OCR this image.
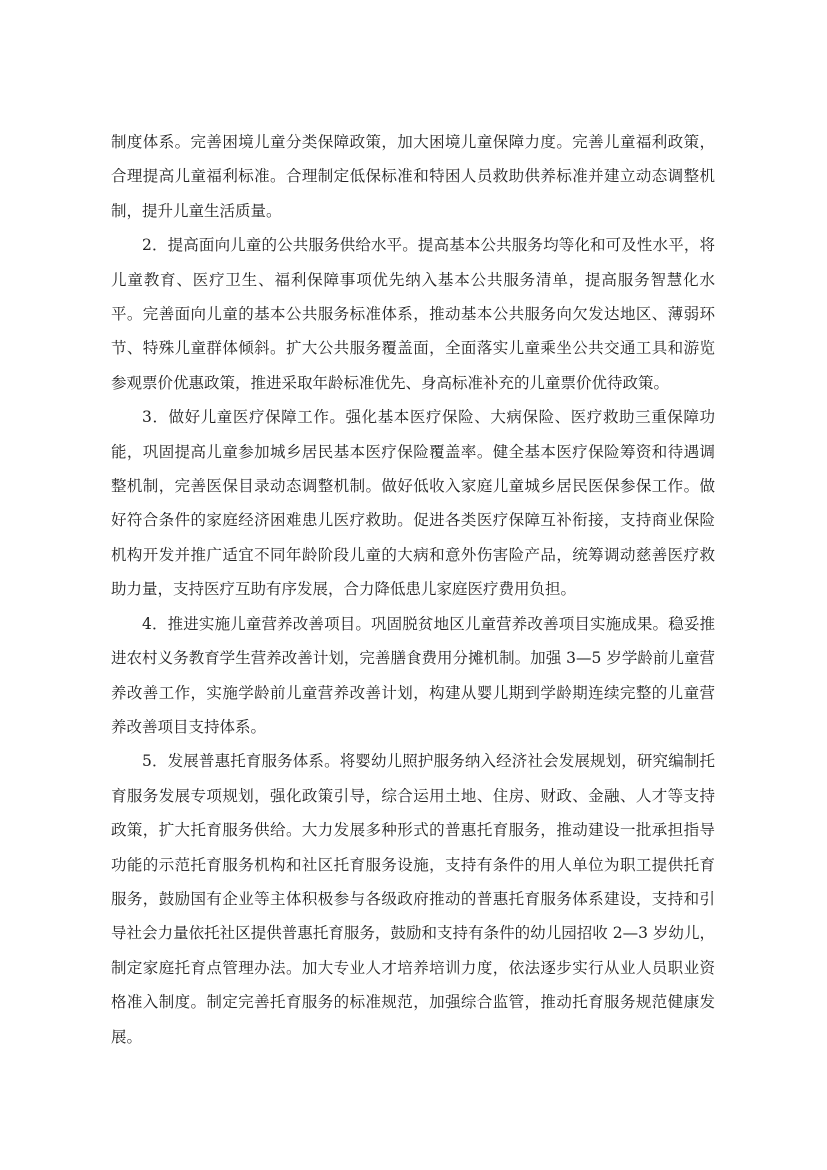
制度体系。完善困境儿童分类保障政策，加大困境儿童保障力度。完善儿童福利政策，合理提高儿童福利标准。合理制定低保标准和特困人员救助供养标准并建立动态调整机制，提升儿童生活质量。

2．提高面向儿童的公共服务供给水平。提高基本公共服务均等化和可及性水平，将儿童教育、医疗卫生、福利保障事项优先纳入基本公共服务清单，提高服务智慧化水平。完善面向儿童的基本公共服务标准体系，推动基本公共服务向欠发达地区、薄弱环节、特殊儿童群体倾斜。扩大公共服务覆盖面，全面落实儿童乘坐公共交通工具和游览参观票价优惠政策，推进采取年龄标准优先、身高标准补充的儿童票价优待政策。

3．做好儿童医疗保障工作。强化基本医疗保险、大病保险、医疗救助三重保障功能，巩固提高儿童参加城乡居民基本医疗保险覆盖率。健全基本医疗保险筹资和待遇调整机制，完善医保目录动态调整机制。做好低收入家庭儿童城乡居民医保参保工作。做好符合条件的家庭经济困难患儿医疗救助。促进各类医疗保障互补衔接，支持商业保险机构开发并推广适宜不同年龄阶段儿童的大病和意外伤害险产品，统筹调动慈善医疗救助力量，支持医疗互助有序发展，合力降低患儿家庭医疗费用负担。

4．推进实施儿童营养改善项目。巩固脱贫地区儿童营养改善项目实施成果。稳妥推进农村义务教育学生营养改善计划，完善膳食费用分摊机制。加强 3—5 岁学龄前儿童营养改善工作，实施学龄前儿童营养改善计划，构建从婴儿期到学龄期连续完整的儿童营养改善项目支持体系。

5．发展普惠托育服务体系。将婴幼儿照护服务纳入经济社会发展规划，研究编制托育服务发展专项规划，强化政策引导，综合运用土地、住房、财政、金融、人才等支持政策，扩大托育服务供给。大力发展多种形式的普惠托育服务，推动建设一批承担指导功能的示范托育服务机构和社区托育服务设施，支持有条件的用人单位为职工提供托育服务，鼓励国有企业等主体积极参与各级政府推动的普惠托育服务体系建设，支持和引导社会力量依托社区提供普惠托育服务，鼓励和支持有条件的幼儿园招收 2—3 岁幼儿，制定家庭托育点管理办法。加大专业人才培养培训力度，依法逐步实行从业人员职业资格准入制度。制定完善托育服务的标准规范，加强综合监管，推动托育服务规范健康发展。
